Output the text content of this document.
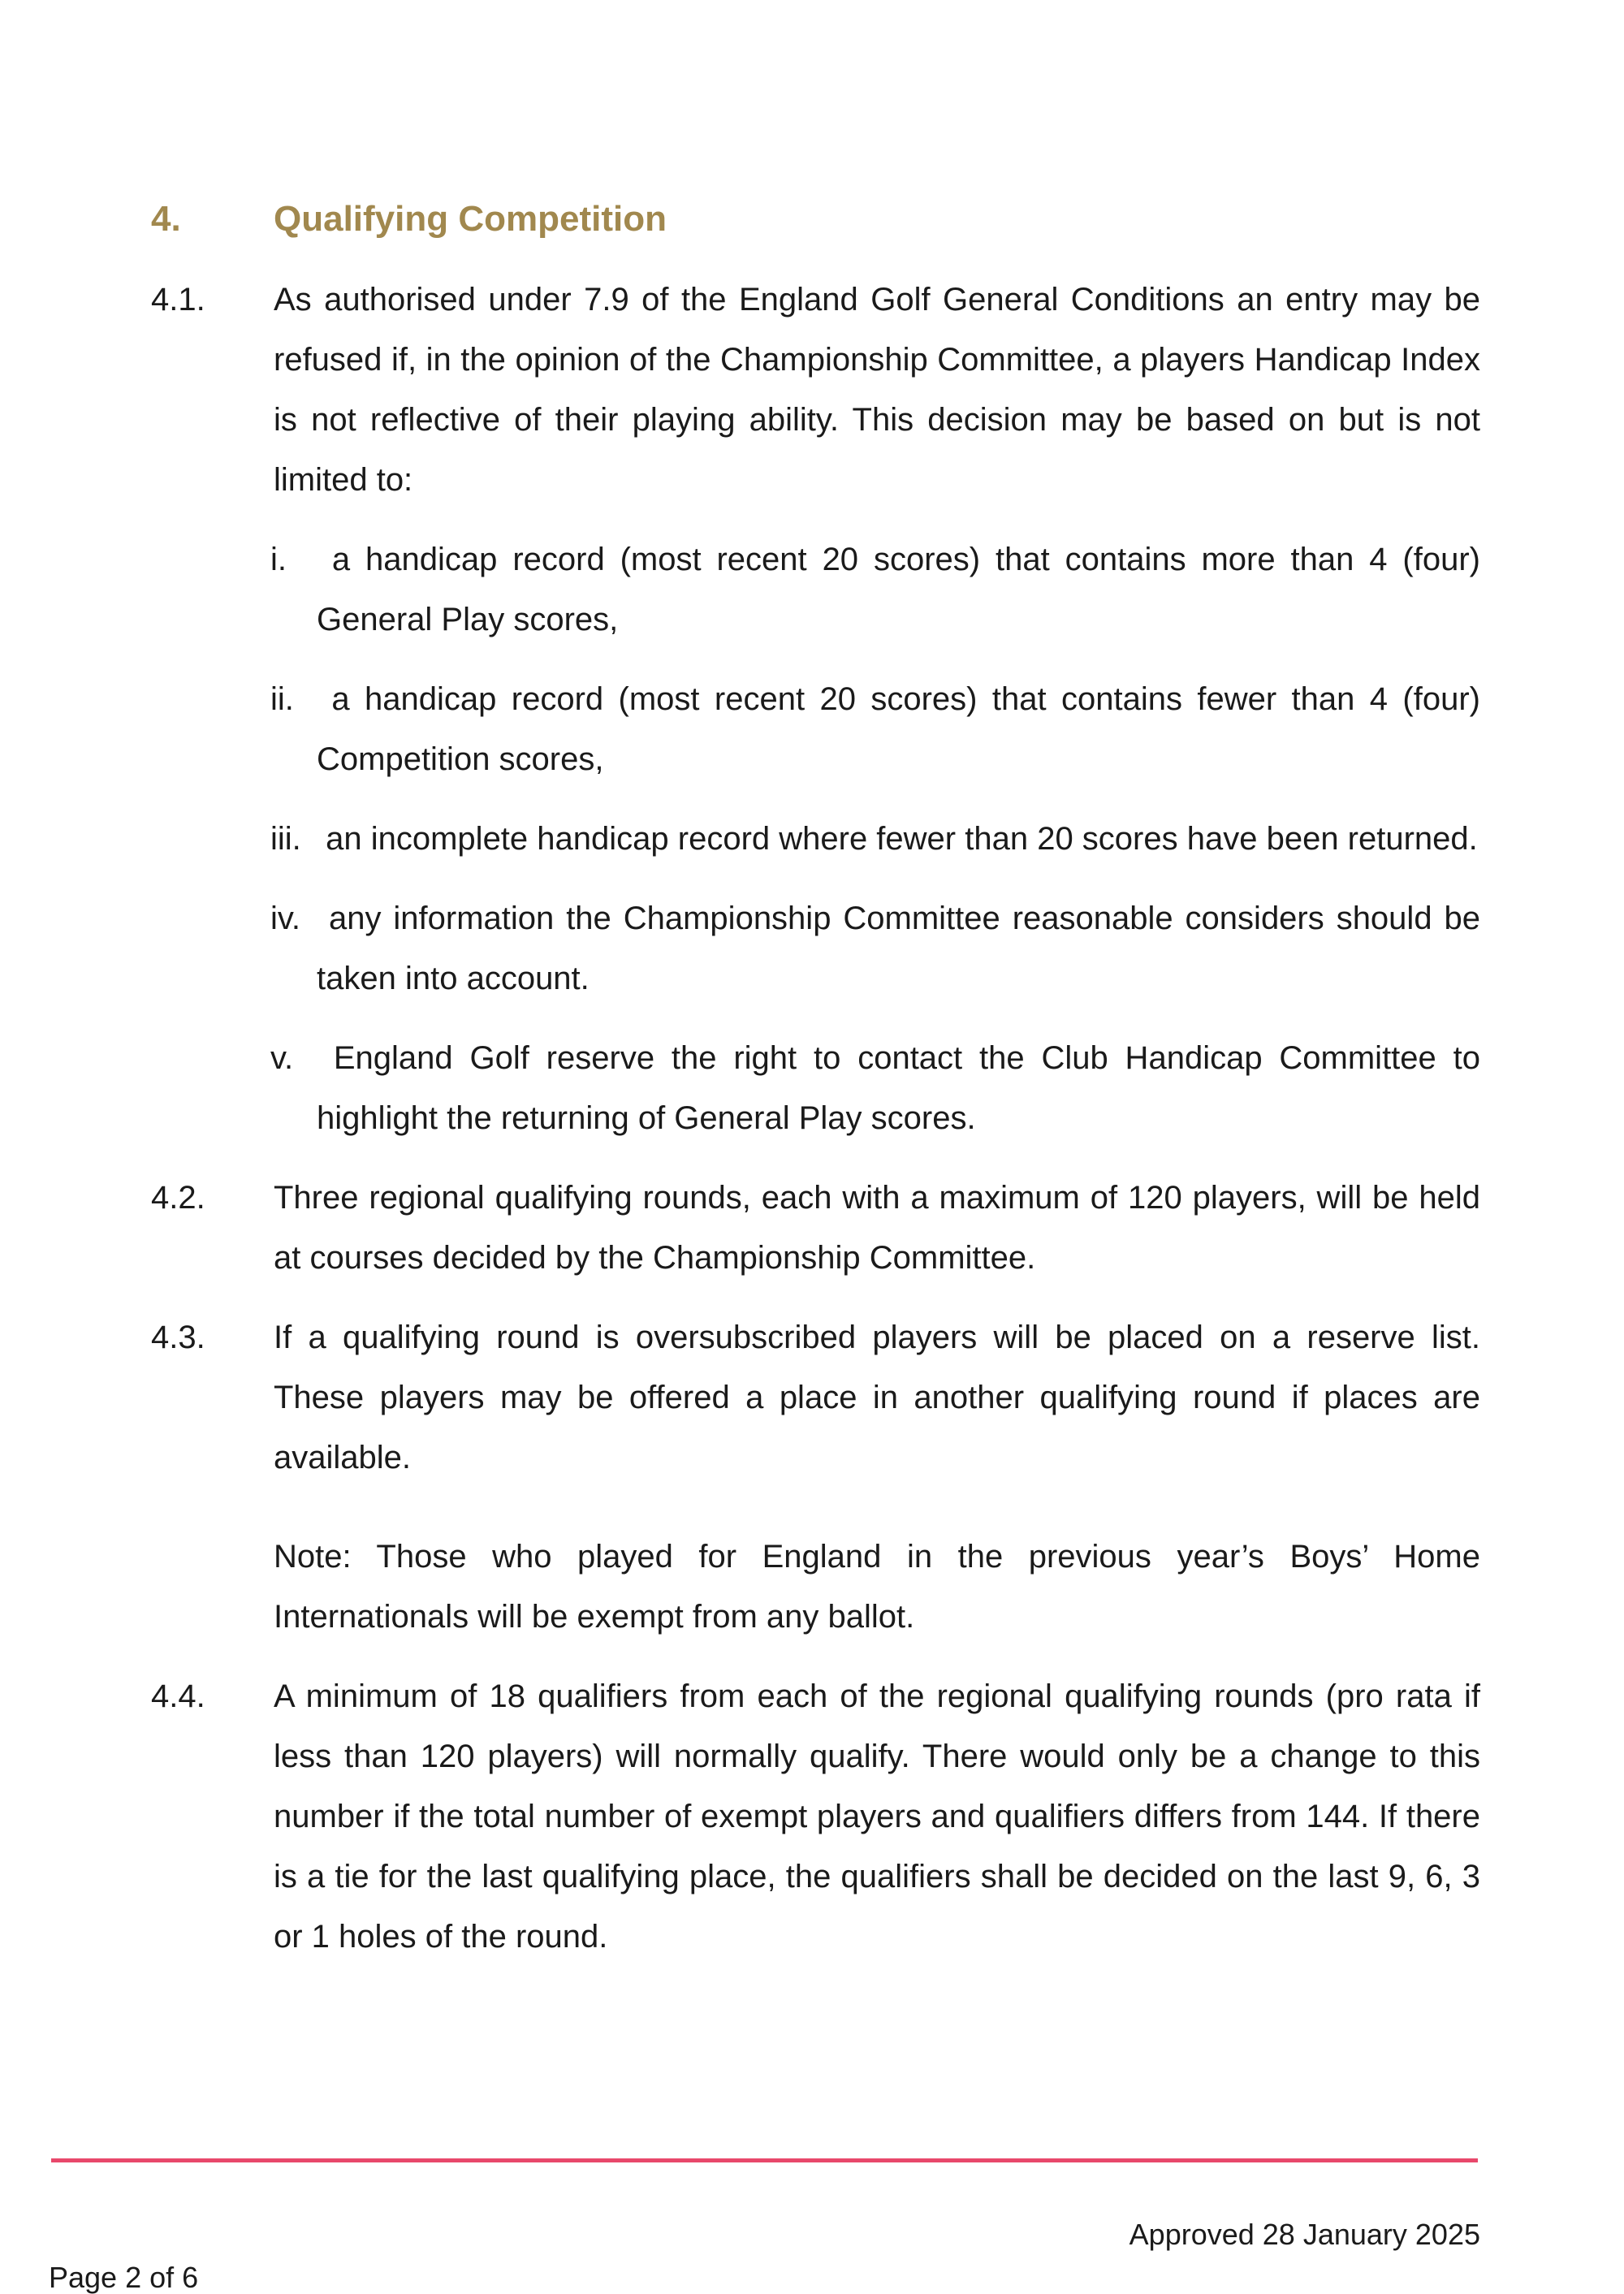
4.	Qualifying Competition
4.1. As authorised under 7.9 of the England Golf General Conditions an entry may be refused if, in the opinion of the Championship Committee, a players Handicap Index is not reflective of their playing ability. This decision may be based on but is not limited to:
i. a handicap record (most recent 20 scores) that contains more than 4 (four) General Play scores,
ii. a handicap record (most recent 20 scores) that contains fewer than 4 (four) Competition scores,
iii. an incomplete handicap record where fewer than 20 scores have been returned.
iv. any information the Championship Committee reasonable considers should be taken into account.
v. England Golf reserve the right to contact the Club Handicap Committee to highlight the returning of General Play scores.
4.2. Three regional qualifying rounds, each with a maximum of 120 players, will be held at courses decided by the Championship Committee.
4.3. If a qualifying round is oversubscribed players will be placed on a reserve list. These players may be offered a place in another qualifying round if places are available.
Note: Those who played for England in the previous year’s Boys’ Home Internationals will be exempt from any ballot.
4.4. A minimum of 18 qualifiers from each of the regional qualifying rounds (pro rata if less than 120 players) will normally qualify. There would only be a change to this number if the total number of exempt players and qualifiers differs from 144. If there is a tie for the last qualifying place, the qualifiers shall be decided on the last 9, 6, 3 or 1 holes of the round.
Approved 28 January 2025
Page 2 of 6
